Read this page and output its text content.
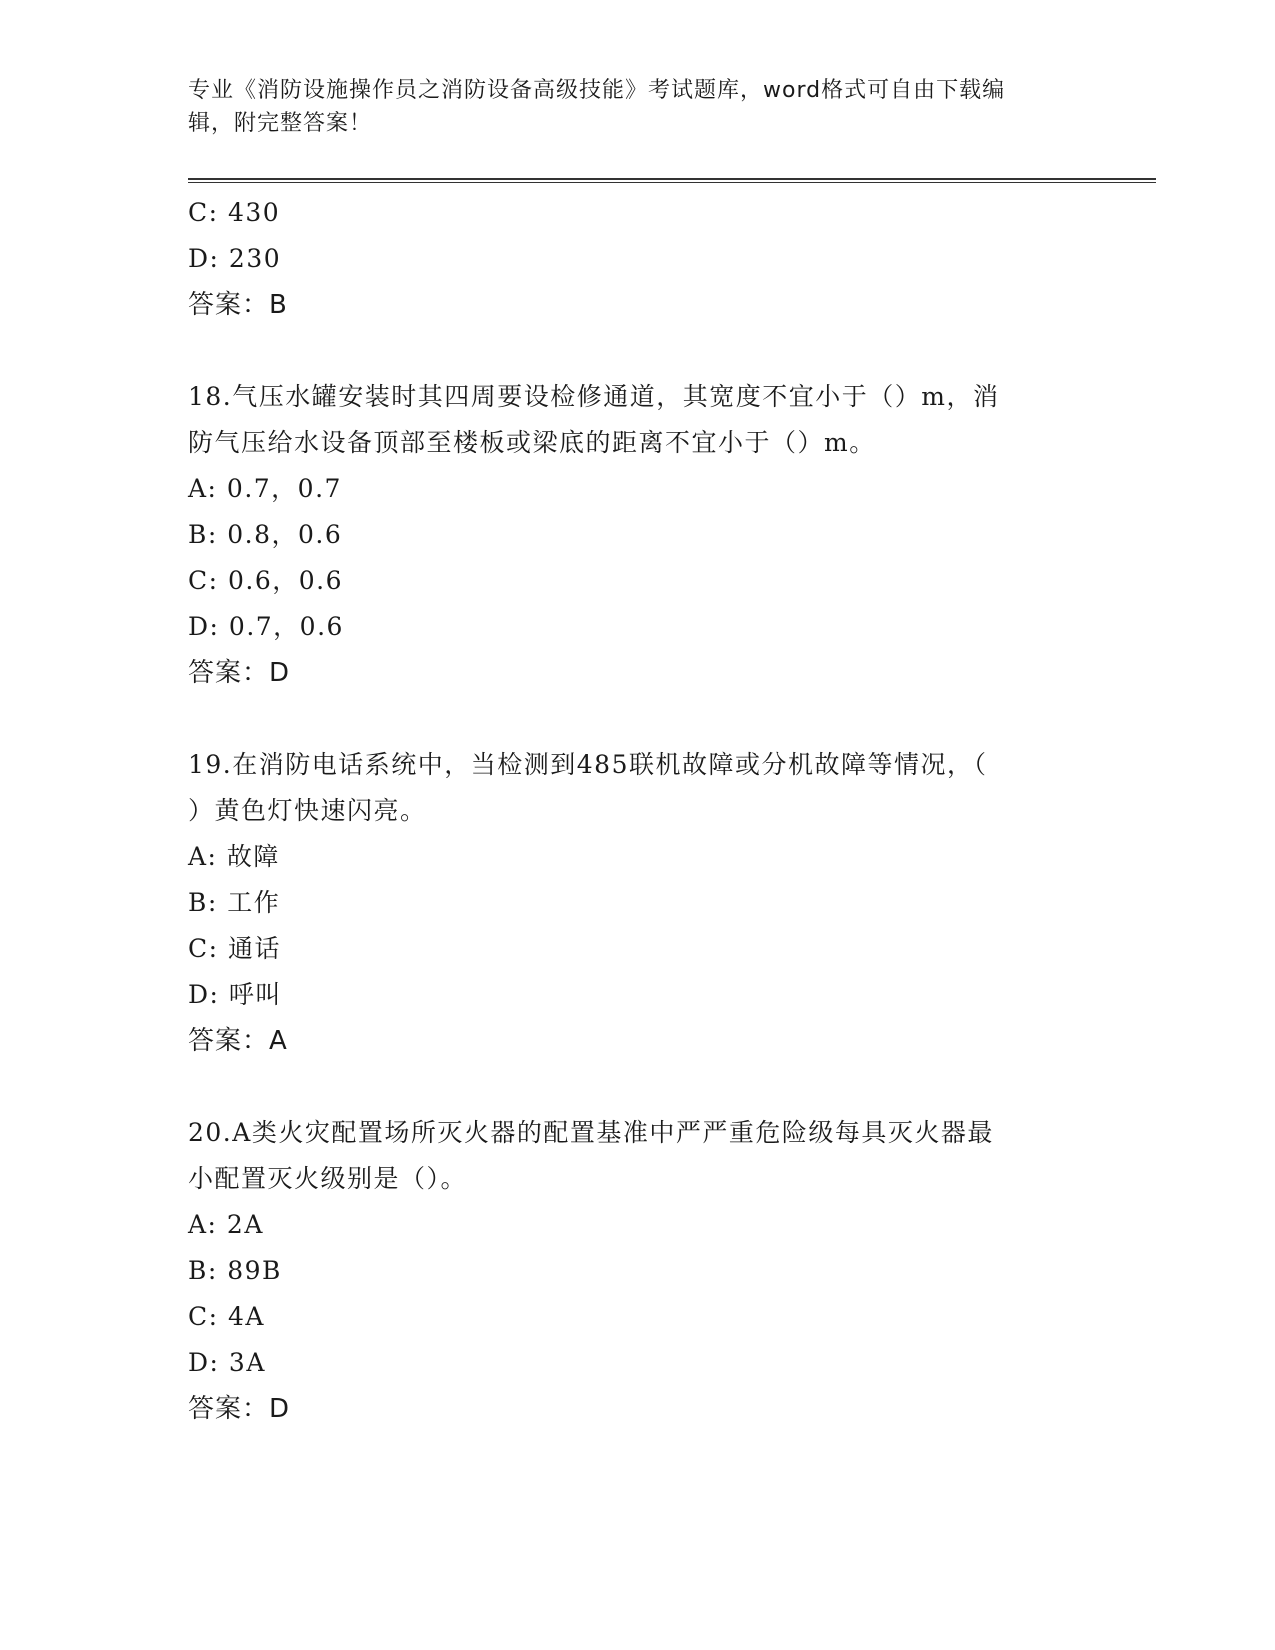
专业《消防设施操作员之消防设备高级技能》考试题库，word格式可自由下载编
辑，附完整答案！
C: 430
D: 230
答案：B
18.气压水罐安装时其四周要设检修通道，其宽度不宜小于（）m，消
防气压给水设备顶部至楼板或梁底的距离不宜小于（）m。
A: 0.7，0.7
B: 0.8，0.6
C: 0.6，0.6
D: 0.7，0.6
答案：D
19.在消防电话系统中，当检测到485联机故障或分机故障等情况，（
）黄色灯快速闪亮。
A: 故障
B: 工作
C: 通话
D: 呼叫
答案：A
20.A类火灾配置场所灭火器的配置基准中严严重危险级每具灭火器最
小配置灭火级别是（）。
A: 2A
B: 89B
C: 4A
D: 3A
答案：D
